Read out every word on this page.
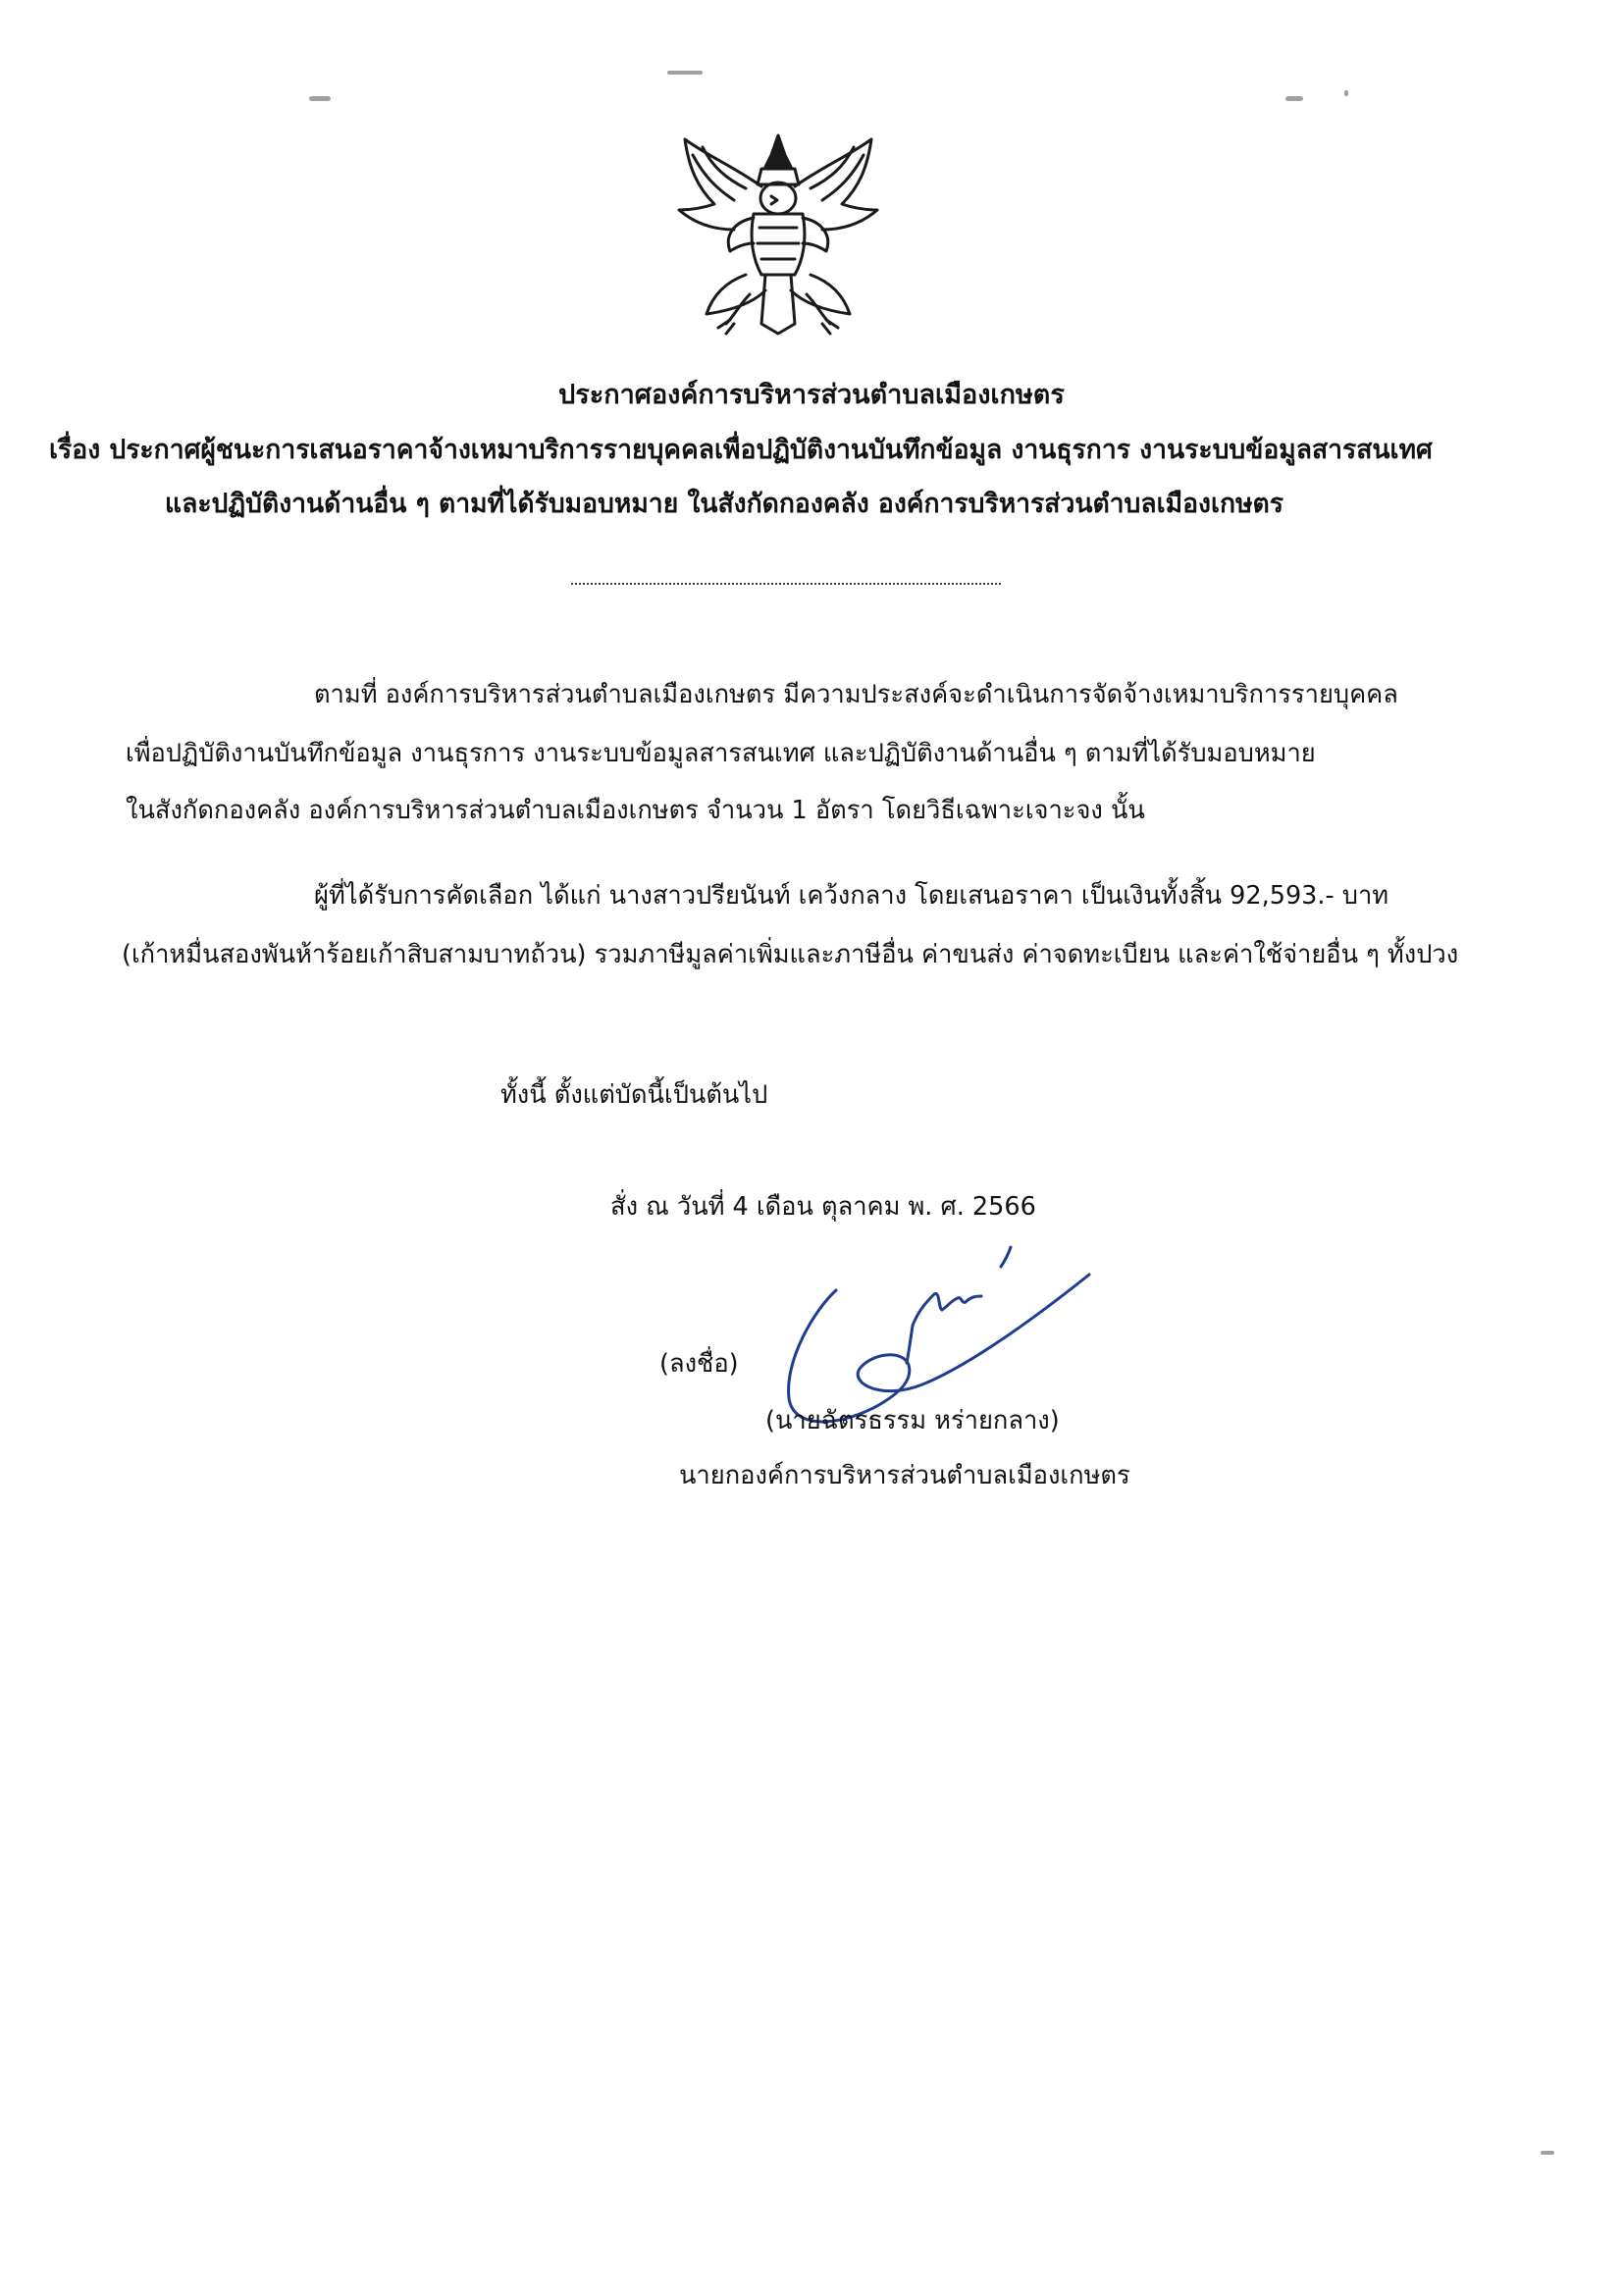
ประกาศองค์การบริหารส่วนตำบลเมืองเกษตร
เรื่อง ประกาศผู้ชนะการเสนอราคาจ้างเหมาบริการรายบุคคลเพื่อปฏิบัติงานบันทึกข้อมูล งานธุรการ งานระบบข้อมูลสารสนเทศ
และปฏิบัติงานด้านอื่น ๆ ตามที่ได้รับมอบหมาย ในสังกัดกองคลัง องค์การบริหารส่วนตำบลเมืองเกษตร
ตามที่ องค์การบริหารส่วนตำบลเมืองเกษตร มีความประสงค์จะดำเนินการจัดจ้างเหมาบริการรายบุคคล
เพื่อปฏิบัติงานบันทึกข้อมูล งานธุรการ งานระบบข้อมูลสารสนเทศ และปฏิบัติงานด้านอื่น ๆ ตามที่ได้รับมอบหมาย
ในสังกัดกองคลัง องค์การบริหารส่วนตำบลเมืองเกษตร จำนวน 1 อัตรา โดยวิธีเฉพาะเจาะจง นั้น
ผู้ที่ได้รับการคัดเลือก ได้แก่ นางสาวปรียนันท์ เคว้งกลาง โดยเสนอราคา เป็นเงินทั้งสิ้น 92,593.- บาท
(เก้าหมื่นสองพันห้าร้อยเก้าสิบสามบาทถ้วน) รวมภาษีมูลค่าเพิ่มและภาษีอื่น ค่าขนส่ง ค่าจดทะเบียน และค่าใช้จ่ายอื่น ๆ ทั้งปวง
ทั้งนี้ ตั้งแต่บัดนี้เป็นต้นไป
สั่ง ณ วันที่ 4 เดือน ตุลาคม พ. ศ. 2566
(ลงชื่อ)
(นายฉัตรธรรม หร่ายกลาง)
นายกองค์การบริหารส่วนตำบลเมืองเกษตร
